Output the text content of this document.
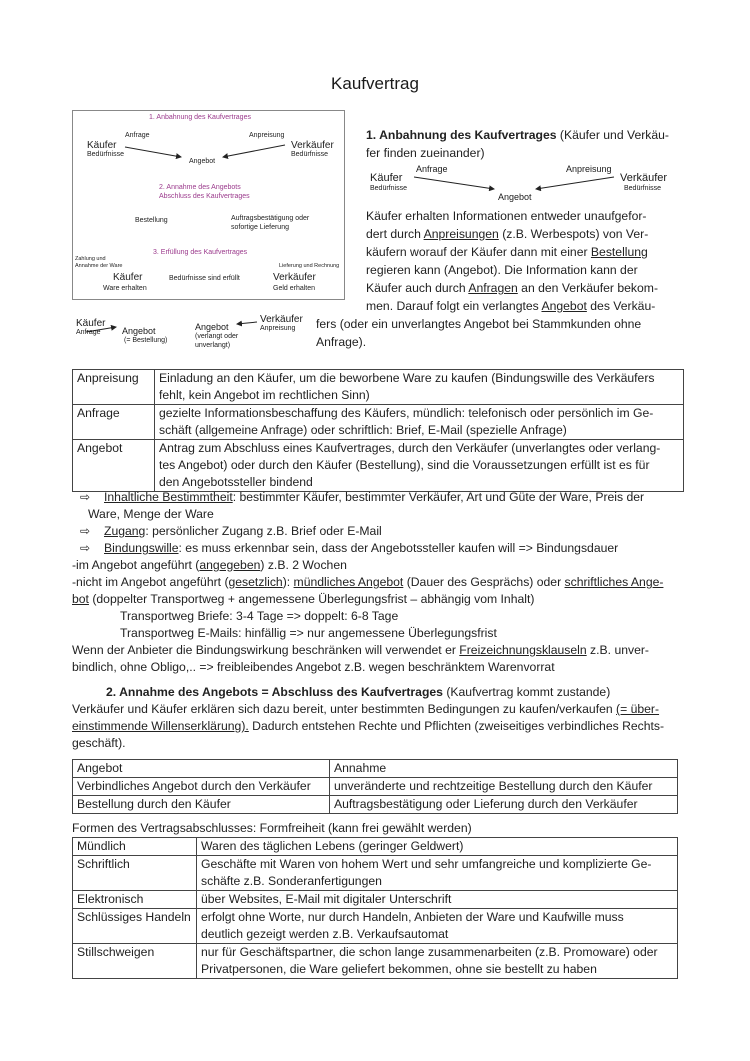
Kaufvertrag
1. Anbahnung des Kaufvertrages
Anfrage	Anpreisung
Käufer
Bedürfnisse
Verkäufer
Bedürfnisse
Angebot
2. Annahme des Angebots
Abschluss des Kaufvertrages
Bestellung	Auftragsbestätigung oder
sofortige Lieferung
3. Erfüllung des Kaufvertrages
Zahlung und
Annahme der Ware	Lieferung und Rechnung
Käufer
Ware erhalten
Bedürfnisse sind erfüllt	Verkäufer
Geld erhalten
Käufer
Anfrage Angebot
(= Bestellung)
Angebot
(verlangt oder
unverlangt)
Verkäufer
Anpreisung
1. Anbahnung des Kaufvertrages (Käufer und Verkäu-
fer finden zueinander)
Anfrage	Anpreisung
Käufer
Bedürfnisse
Verkäufer
Bedürfnisse
Angebot
Käufer erhalten Informationen entweder unaufgefor-
dert durch Anpreisungen (z.B. Werbespots) von Ver-
käufern worauf der Käufer dann mit einer Bestellung
regieren kann (Angebot). Die Information kann der
Käufer auch durch Anfragen an den Verkäufer bekom-
men. Darauf folgt ein verlangtes Angebot des Verkäu-
fers (oder ein unverlangtes Angebot bei Stammkunden ohne
Anfrage).
Anpreisung	Einladung an den Käufer, um die beworbene Ware zu kaufen (Bindungswille des Verkäufers
fehlt, kein Angebot im rechtlichen Sinn)
Anfrage	gezielte Informationsbeschaffung des Käufers, mündlich: telefonisch oder persönlich im Ge-
schäft (allgemeine Anfrage) oder schriftlich: Brief, E-Mail (spezielle Anfrage)
Angebot	Antrag zum Abschluss eines Kaufvertrages, durch den Verkäufer (unverlangtes oder verlang-
tes Angebot) oder durch den Käufer (Bestellung), sind die Voraussetzungen erfüllt ist es für
den Angebotssteller bindend
⇨ Inhaltliche Bestimmtheit: bestimmter Käufer, bestimmter Verkäufer, Art und Güte der Ware, Preis der
Ware, Menge der Ware
⇨ Zugang: persönlicher Zugang z.B. Brief oder E-Mail
⇨ Bindungswille: es muss erkennbar sein, dass der Angebotssteller kaufen will => Bindungsdauer
-im Angebot angeführt (angegeben) z.B. 2 Wochen
-nicht im Angebot angeführt (gesetzlich): mündliches Angebot (Dauer des Gesprächs) oder schriftliches Ange-
bot (doppelter Transportweg + angemessene Überlegungsfrist – abhängig vom Inhalt)
Transportweg Briefe: 3-4 Tage => doppelt: 6-8 Tage
Transportweg E-Mails: hinfällig => nur angemessene Überlegungsfrist
Wenn der Anbieter die Bindungswirkung beschränken will verwendet er Freizeichnungsklauseln z.B. unver-
bindlich, ohne Obligo,.. => freibleibendes Angebot z.B. wegen beschränktem Warenvorrat
2. Annahme des Angebots = Abschluss des Kaufvertrages (Kaufvertrag kommt zustande)
Verkäufer und Käufer erklären sich dazu bereit, unter bestimmten Bedingungen zu kaufen/verkaufen (= über-
einstimmende Willenserklärung). Dadurch entstehen Rechte und Pflichten (zweiseitiges verbindliches Rechts-
geschäft).
Angebot	Annahme
Verbindliches Angebot durch den Verkäufer	unveränderte und rechtzeitige Bestellung durch den Käufer
Bestellung durch den Käufer	Auftragsbestätigung oder Lieferung durch den Verkäufer
Formen des Vertragsabschlusses: Formfreiheit (kann frei gewählt werden)
Mündlich	Waren des täglichen Lebens (geringer Geldwert)
Schriftlich	Geschäfte mit Waren von hohem Wert und sehr umfangreiche und komplizierte Ge-
schäfte z.B. Sonderanfertigungen
Elektronisch	über Websites, E-Mail mit digitaler Unterschrift
Schlüssiges Handeln	erfolgt ohne Worte, nur durch Handeln, Anbieten der Ware und Kaufwille muss
deutlich gezeigt werden z.B. Verkaufsautomat
Stillschweigen	nur für Geschäftspartner, die schon lange zusammenarbeiten (z.B. Promoware) oder
Privatpersonen, die Ware geliefert bekommen, ohne sie bestellt zu haben
